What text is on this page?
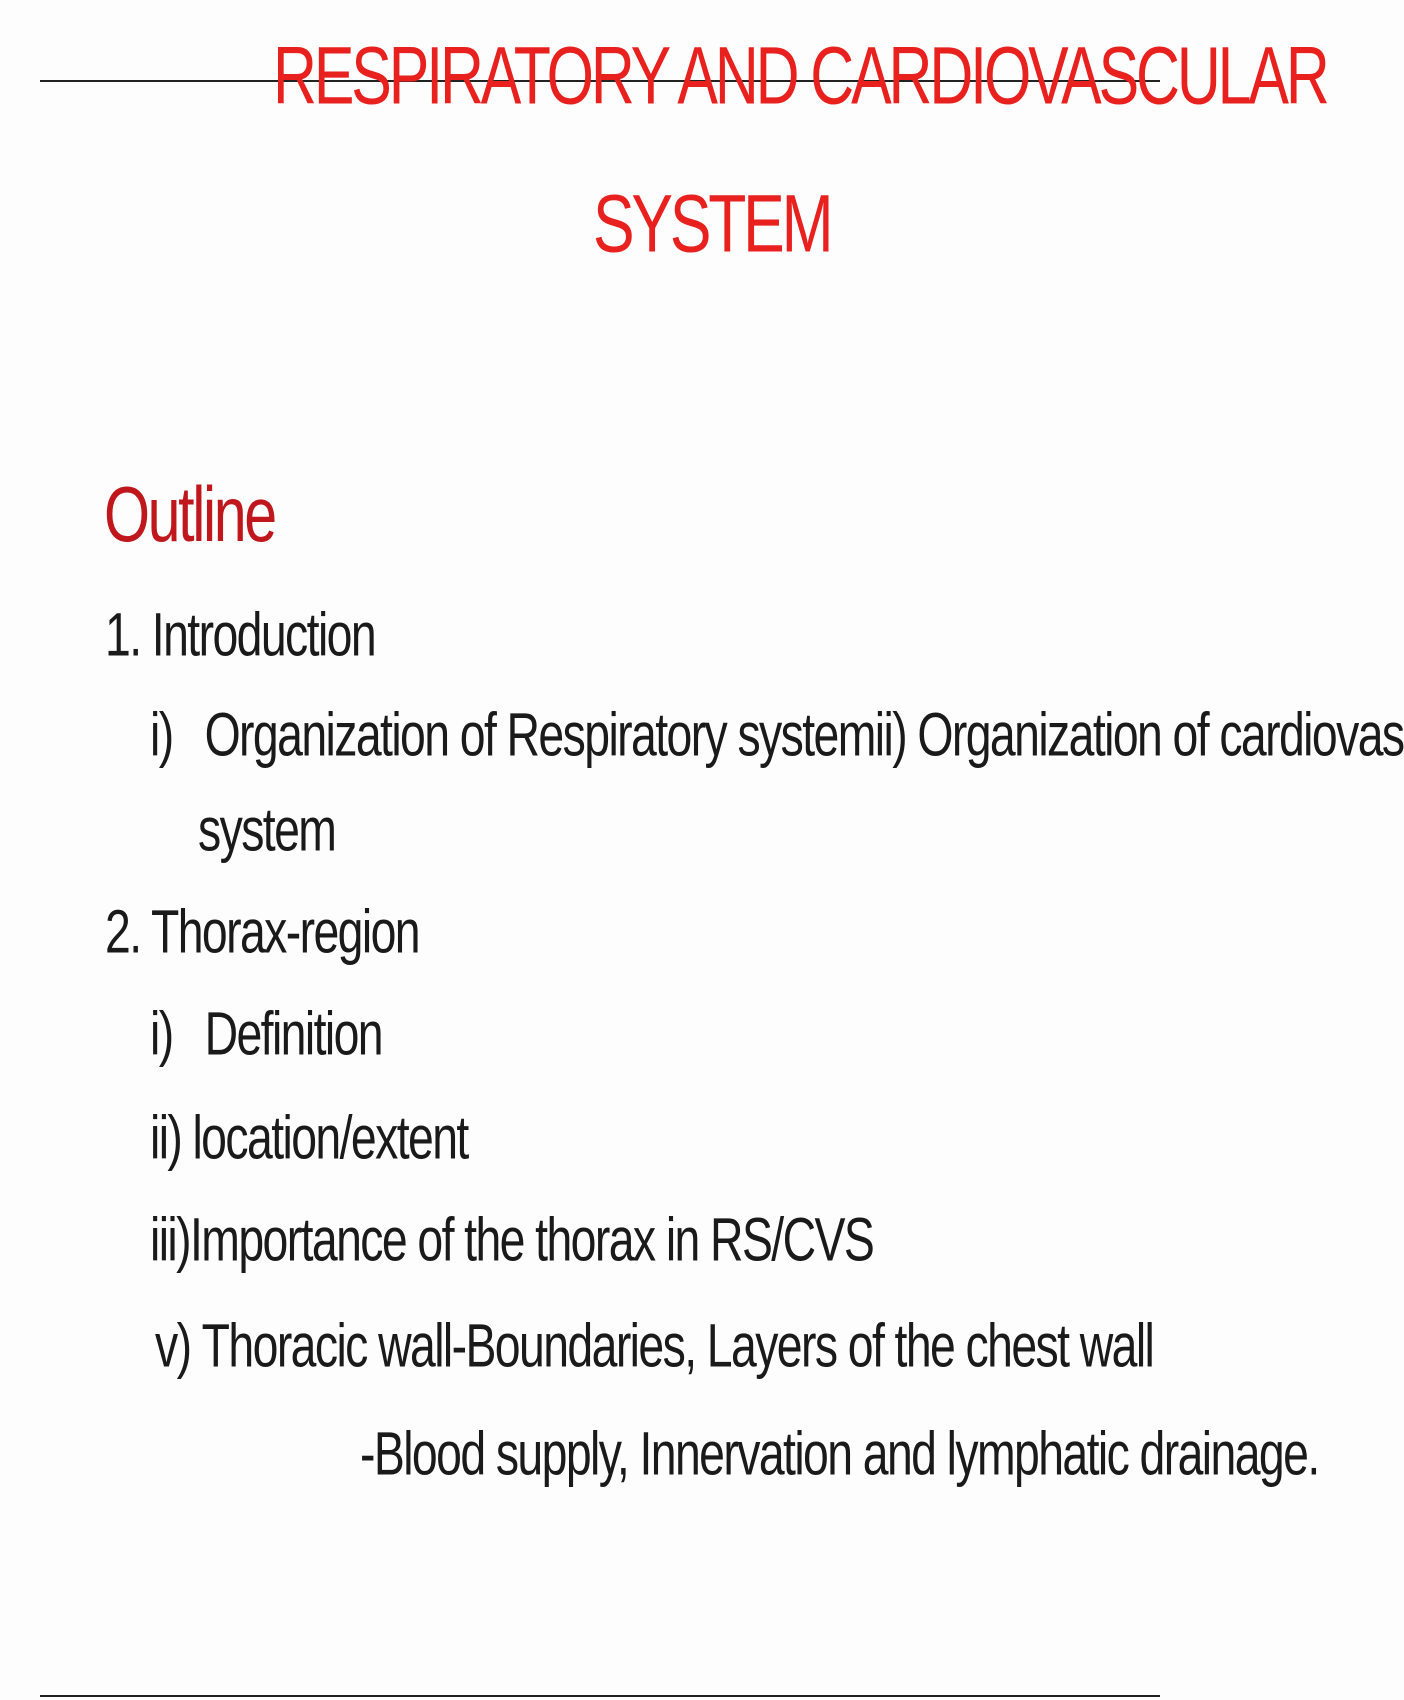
RESPIRATORY AND CARDIOVASCULAR
SYSTEM
Outline
1. Introduction
i) Organization of Respiratory systemii) Organization of cardiovas
system
2. Thorax-region
i) Definition
ii) location/extent
iii)Importance of the thorax in RS/CVS
v) Thoracic wall-Boundaries, Layers of the chest wall
-Blood supply, Innervation and lymphatic drainage.
